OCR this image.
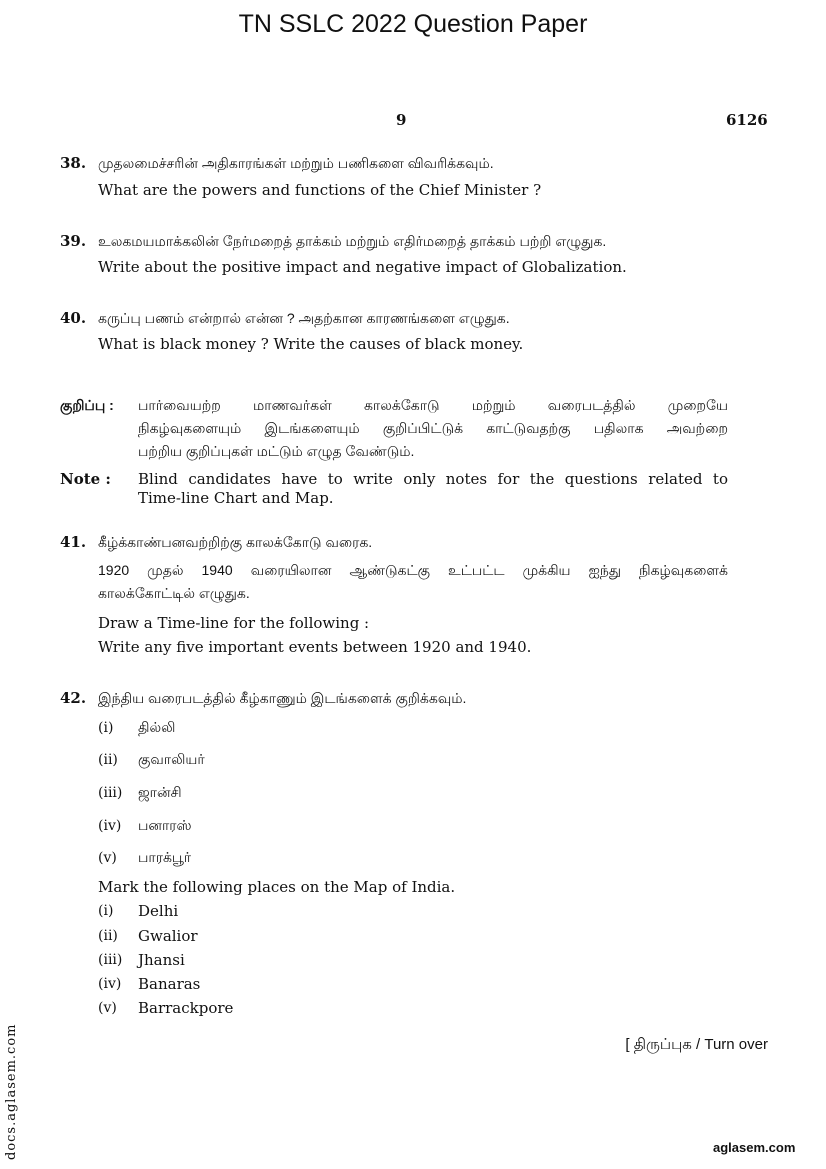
TN SSLC 2022 Question Paper
9	6126
38. முதலமைச்சரின் அதிகாரங்கள் மற்றும் பணிகளை விவரிக்கவும்.
What are the powers and functions of the Chief Minister ?
39. உலகமயமாக்கலின் நேர்மறைத் தாக்கம் மற்றும் எதிர்மறைத் தாக்கம் பற்றி எழுதுக.
Write about the positive impact and negative impact of Globalization.
40. கருப்பு பணம் என்றால் என்ன ? அதற்கான காரணங்களை எழுதுக.
What is black money ? Write the causes of black money.
குறிப்பு : பார்வையற்ற மாணவர்கள் காலக்கோடு மற்றும் வரைபடத்தில் முறையே
நிகழ்வுகளையும் இடங்களையும் குறிப்பிட்டுக் காட்டுவதற்கு பதிலாக அவற்றை
பற்றிய குறிப்புகள் மட்டும் எழுத வேண்டும்.
Note : Blind candidates have to write only notes for the questions related to
Time-line Chart and Map.
41. கீழ்க்காண்பனவற்றிற்கு காலக்கோடு வரைக.
1920 முதல் 1940 வரையிலான ஆண்டுகட்கு உட்பட்ட முக்கிய ஐந்து நிகழ்வுகளைக்
காலக்கோட்டில் எழுதுக.
Draw a Time-line for the following :
Write any five important events between 1920 and 1940.
42. இந்திய வரைபடத்தில் கீழ்காணும் இடங்களைக் குறிக்கவும்.
(i) தில்லி
(ii) குவாலியர்
(iii) ஜான்சி
(iv) பனாரஸ்
(v) பாரக்பூர்
Mark the following places on the Map of India.
(i) Delhi
(ii) Gwalior
(iii) Jhansi
(iv) Banaras
(v) Barrackpore
[ திருப்புக / Turn over
docs.aglasem.com	aglasem.com
